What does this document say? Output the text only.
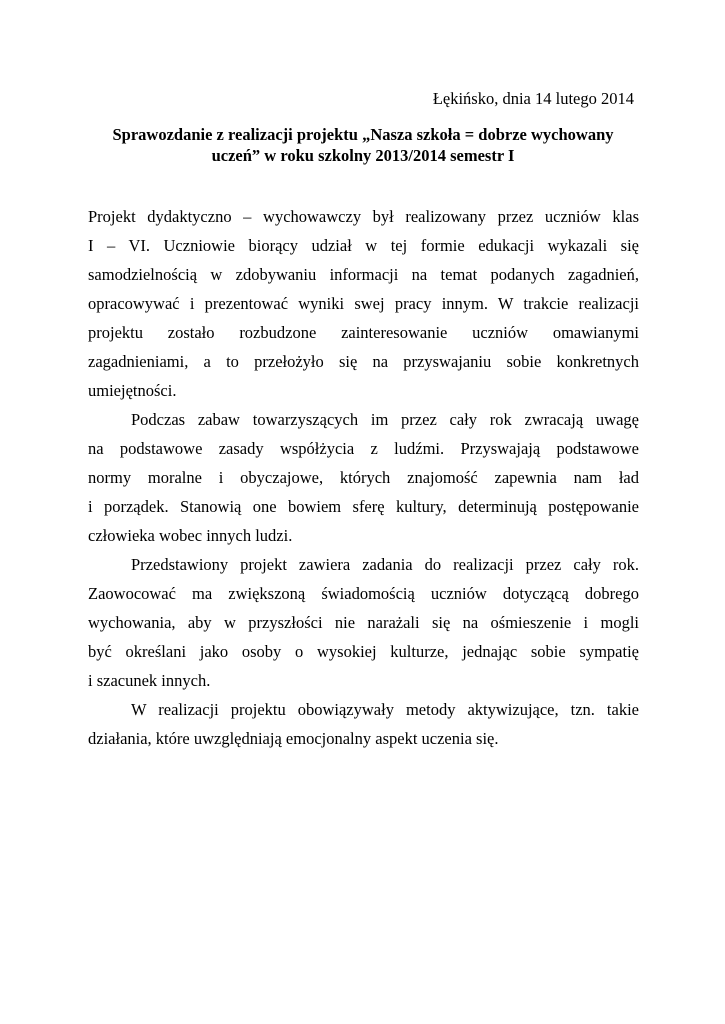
Łękińsko, dnia 14 lutego 2014
Sprawozdanie z realizacji projektu „Nasza szkoła = dobrze wychowany
uczeń” w roku szkolny 2013/2014 semestr I
Projekt dydaktyczno – wychowawczy był realizowany przez uczniów klas
I – VI. Uczniowie biorący udział w tej formie edukacji wykazali się
samodzielnością w zdobywaniu informacji na temat podanych zagadnień,
opracowywać i prezentować wyniki swej pracy innym. W trakcie realizacji
projektu zostało rozbudzone zainteresowanie uczniów omawianymi
zagadnieniami, a to przełożyło się na przyswajaniu sobie konkretnych
umiejętności.
Podczas zabaw towarzyszących im przez cały rok zwracają uwagę
na podstawowe zasady współżycia z ludźmi. Przyswajają podstawowe
normy moralne i obyczajowe, których znajomość zapewnia nam ład
i porządek. Stanowią one bowiem sferę kultury, determinują postępowanie
człowieka wobec innych ludzi.
Przedstawiony projekt zawiera zadania do realizacji przez cały rok.
Zaowocować ma zwiększoną świadomością uczniów dotyczącą dobrego
wychowania, aby w przyszłości nie narażali się na ośmieszenie i mogli
być określani jako osoby o wysokiej kulturze, jednając sobie sympatię
i szacunek innych.
W realizacji projektu obowiązywały metody aktywizujące, tzn. takie
działania, które uwzględniają emocjonalny aspekt uczenia się.
